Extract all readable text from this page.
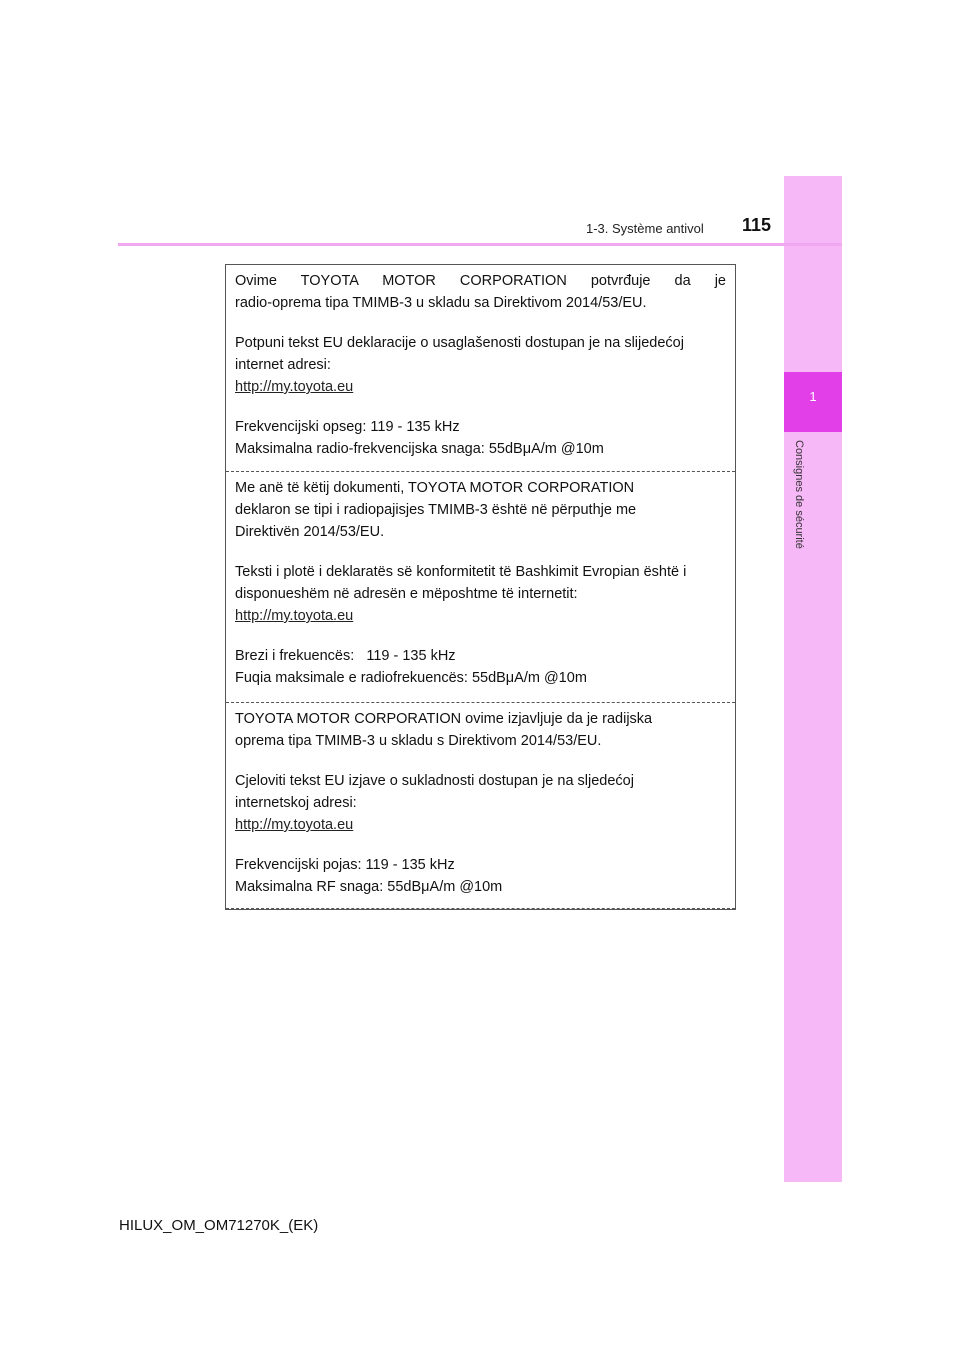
1
Consignes de sécurité
1-3. Système antivol 115

Ovime TOYOTA MOTOR CORPORATION potvrđuje da je

radio-oprema tipa TMIMB-3 u skladu sa Direktivom 2014/53/EU.

Potpuni tekst EU deklaracije o usaglašenosti dostupan je na slijedećoj

internet adresi:

http://my.toyota.eu

Frekvencijski opseg: 119 - 135 kHz

Maksimalna radio-frekvencijska snaga: 55dBμA/m @10m

Me anë të këtij dokumenti, TOYOTA MOTOR CORPORATION

deklaron se tipi i radiopajisjes TMIMB-3 është në përputhje me

Direktivën 2014/53/EU.

Teksti i plotë i deklaratës së konformitetit të Bashkimit Evropian është i

disponueshëm në adresën e mëposhtme të internetit:

http://my.toyota.eu

Brezi i frekuencës:   119 - 135 kHz

Fuqia maksimale e radiofrekuencës: 55dBμA/m @10m

TOYOTA MOTOR CORPORATION ovime izjavljuje da je radijska

oprema tipa TMIMB-3 u skladu s Direktivom 2014/53/EU.

Cjeloviti tekst EU izjave o sukladnosti dostupan je na sljedećoj

internetskoj adresi:

http://my.toyota.eu

Frekvencijski pojas: 119 - 135 kHz

Maksimalna RF snaga: 55dBμA/m @10m

HILUX_OM_OM71270K_(EK)
